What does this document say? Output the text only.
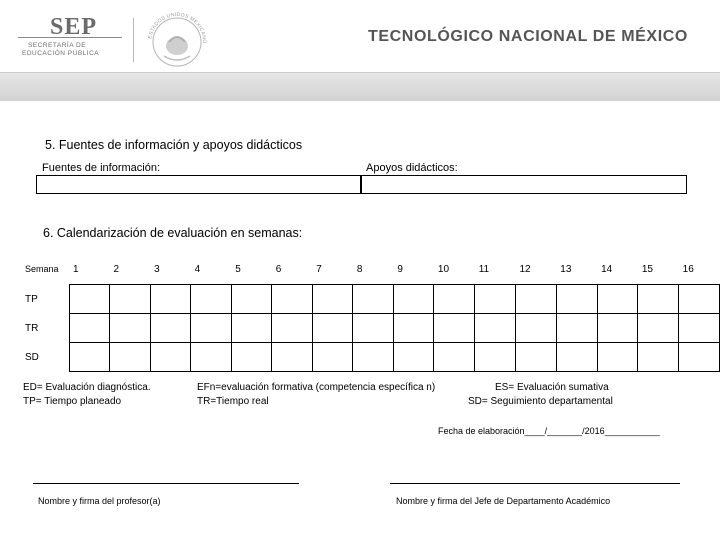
SEP
SECRETARÍA DE
EDUCACIÓN PÚBLICA
ESTADOS UNIDOS MEXICANO	TECNOLÓGICO NACIONAL DE MÉXICO
5. Fuentes de información y apoyos didácticos
Fuentes de información:	Apoyos didácticos:
6. Calendarización de evaluación en semanas:
Semana	1	2	3	4	5	6	7	8	9	10	11	12	13	14	15	16
TP																
TR																
SD																
ED= Evaluación diagnóstica.
TP= Tiempo planeado
EFn=evaluación formativa (competencia específica n)
TR=Tiempo real
ES= Evaluación sumativa
SD= Seguimiento departamental
Fecha de elaboración____/_______/2016___________
Nombre y firma del profesor(a)	Nombre y firma del Jefe de Departamento Académico
